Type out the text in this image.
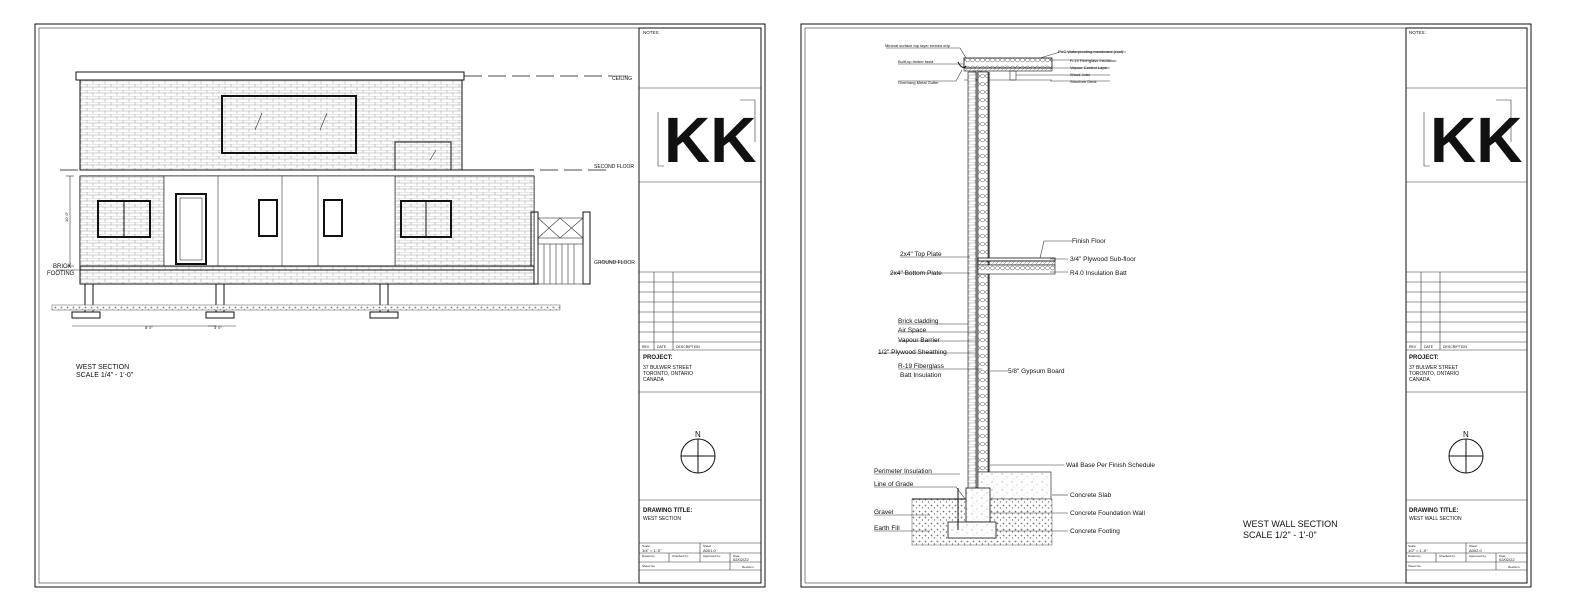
CEILING
SECOND FLOOR
GROUND FLOOR
BRICK
FOOTING
10' 0"
8' 0"	3' 0"
WEST SECTION
SCALE 1/4" - 1'-0"
NOTES:
KK
REV DATE	DESCRIPTION
PROJECT:
37 BULWER STREET
TORONTO, ONTARIO
CANADA
N
DRAWING TITLE:
WEST SECTION
Scale:
1/4" = 1'-0"
Sheet:
A001.0
Drawn by:	Checked by:	Approved by:	Date:
02/02/22
Sheet No.	Revision
Mineral surface top layer embed drip
Built-up timber fasia
Overhang Metal Gutter
PVC Waterproofing membrane (roof)
R-19 Fiberglass Insulation
Vapour Control Layer
Wood Joist
Structure Deck
2x4" Top Plate
2x4" Bottom Plate
Finish Floor
3/4" Plywood Sub-floor
R4.0 Insulation Batt
Brick cladding
Air Space
Vapour Barrier
1/2" Plywood Sheathing
R-19 Fiberglass
Batt Insulation
5/8" Gypsum Board
Perimeter Insulation
Line of Grade
Gravel
Earth Fill
Wall Base Per Finish Schedule
Concrete Slab
Concrete Foundation Wall
Concrete Footing
WEST WALL SECTION
SCALE 1/2" - 1'-0"
NOTES:
KK
REV DATE	DESCRIPTION
PROJECT:
37 BULWER STREET
TORONTO, ONTARIO
CANADA
N
DRAWING TITLE:
WEST WALL SECTION
Scale:
1/2" = 1'-0"
Sheet:
A002.0
Drawn by:	Checked by:	Approved by:	Date:
02/02/22
Sheet No.	Revision
